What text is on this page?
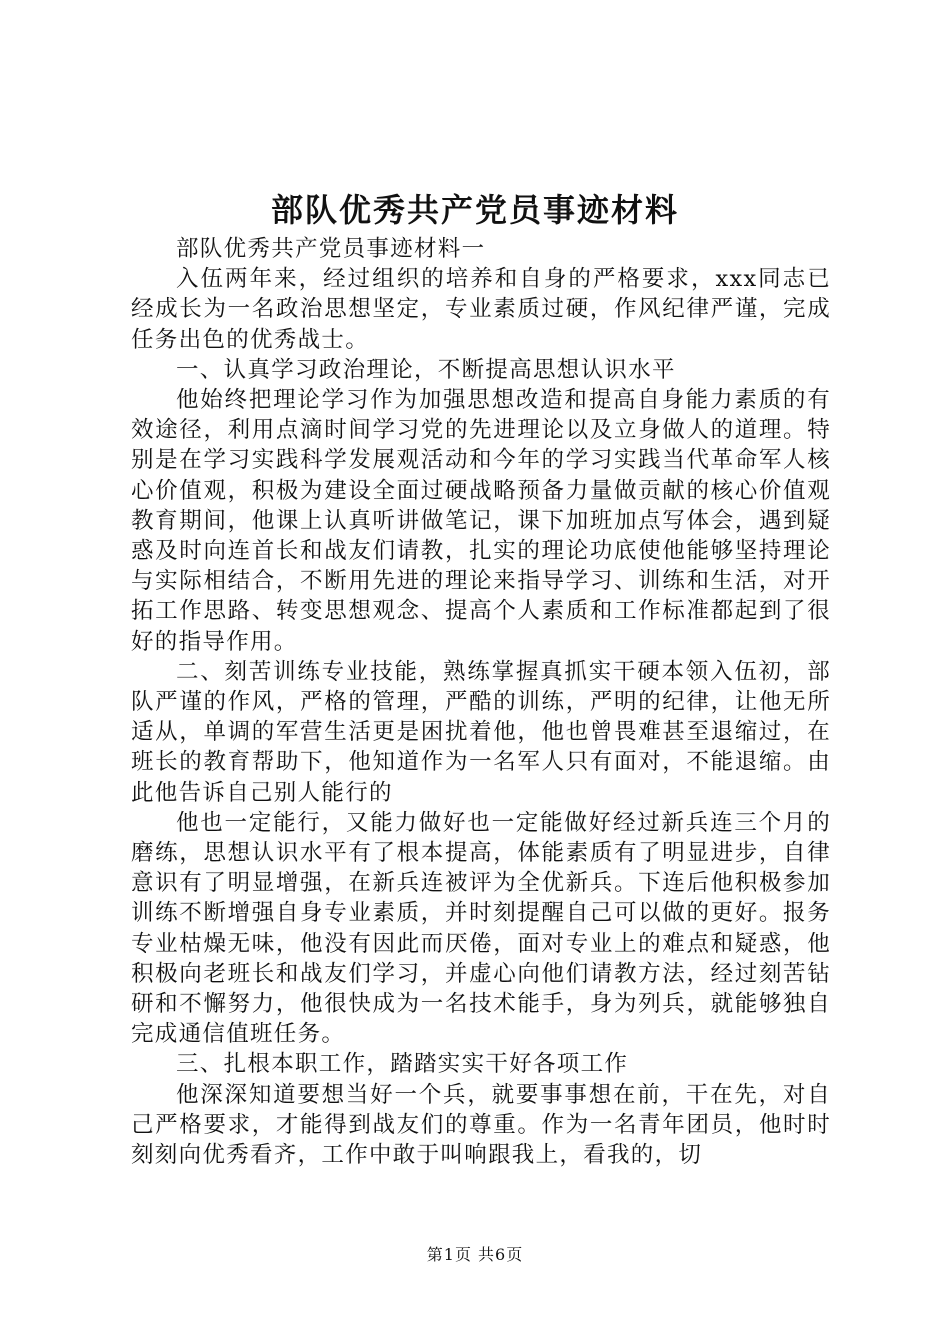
部队优秀共产党员事迹材料

部队优秀共产党员事迹材料一

入伍两年来，经过组织的培养和自身的严格要求，xxx同志已经成长为一名政治思想坚定，专业素质过硬，作风纪律严谨，完成任务出色的优秀战士。

一、认真学习政治理论，不断提高思想认识水平

他始终把理论学习作为加强思想改造和提高自身能力素质的有效途径，利用点滴时间学习党的先进理论以及立身做人的道理。特别是在学习实践科学发展观活动和今年的学习实践当代革命军人核心价值观，积极为建设全面过硬战略预备力量做贡献的核心价值观教育期间，他课上认真听讲做笔记，课下加班加点写体会，遇到疑惑及时向连首长和战友们请教，扎实的理论功底使他能够坚持理论与实际相结合，不断用先进的理论来指导学习、训练和生活，对开拓工作思路、转变思想观念、提高个人素质和工作标准都起到了很好的指导作用。

二、刻苦训练专业技能，熟练掌握真抓实干硬本领入伍初，部队严谨的作风，严格的管理，严酷的训练，严明的纪律，让他无所适从，单调的军营生活更是困扰着他，他也曾畏难甚至退缩过，在班长的教育帮助下，他知道作为一名军人只有面对，不能退缩。由此他告诉自己别人能行的

他也一定能行，又能力做好也一定能做好经过新兵连三个月的磨练，思想认识水平有了根本提高，体能素质有了明显进步，自律意识有了明显增强，在新兵连被评为全优新兵。下连后他积极参加训练不断增强自身专业素质，并时刻提醒自己可以做的更好。报务专业枯燥无味，他没有因此而厌倦，面对专业上的难点和疑惑，他积极向老班长和战友们学习，并虚心向他们请教方法，经过刻苦钻研和不懈努力，他很快成为一名技术能手，身为列兵，就能够独自完成通信值班任务。

三、扎根本职工作，踏踏实实干好各项工作

他深深知道要想当好一个兵，就要事事想在前，干在先，对自己严格要求，才能得到战友们的尊重。作为一名青年团员，他时时刻刻向优秀看齐，工作中敢于叫响跟我上，看我的，切

第1页 共6页
